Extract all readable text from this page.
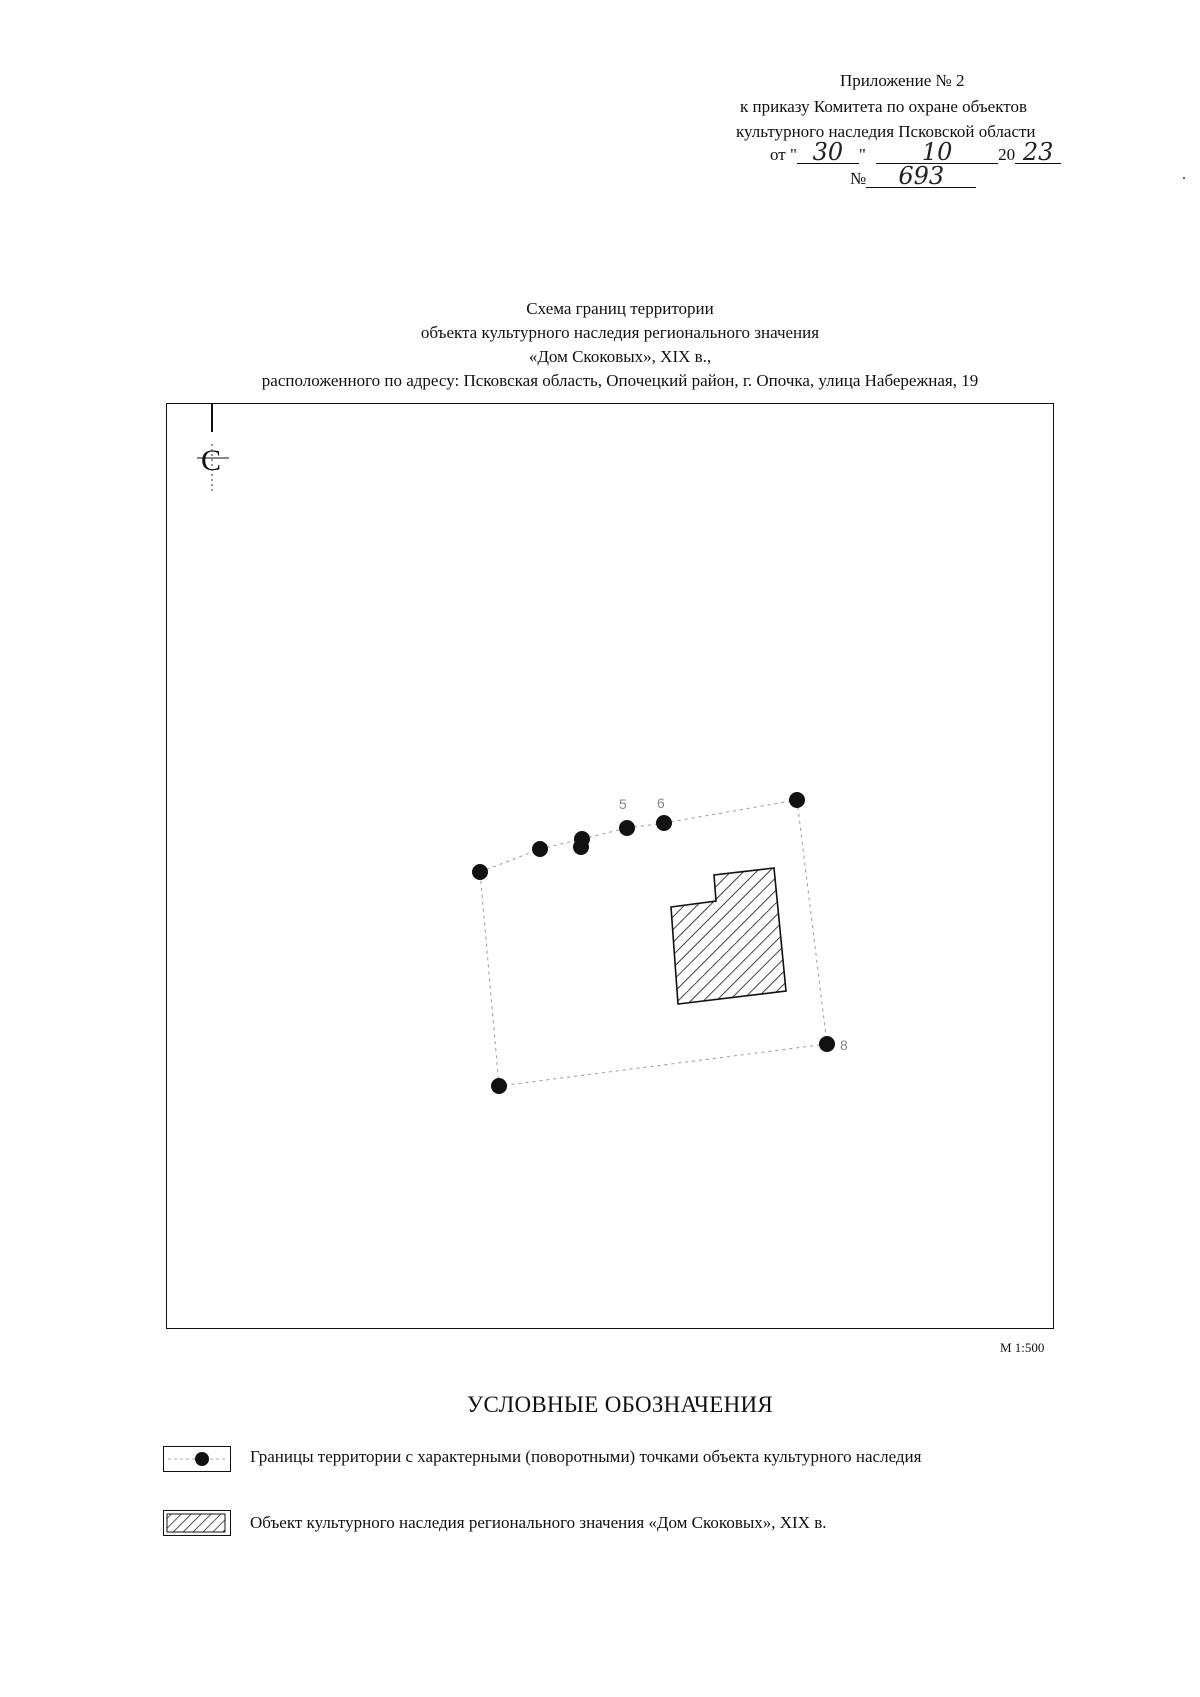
Приложение № 2
к приказу Комитета по охране объектов
культурного наследия Псковской области
от " 30 " 10	20 23
№ 693
Схема границ территории
объекта культурного наследия регионального значения
«Дом Скоковых», XIX в.,
расположенного по адресу: Псковская область, Опочецкий район, г. Опочка, улица Набережная, 19
С
5 6
8
М 1:500
УСЛОВНЫЕ ОБОЗНАЧЕНИЯ
Границы территории с характерными (поворотными) точками объекта культурного наследия
Объект культурного наследия регионального значения «Дом Скоковых», XIX в.
